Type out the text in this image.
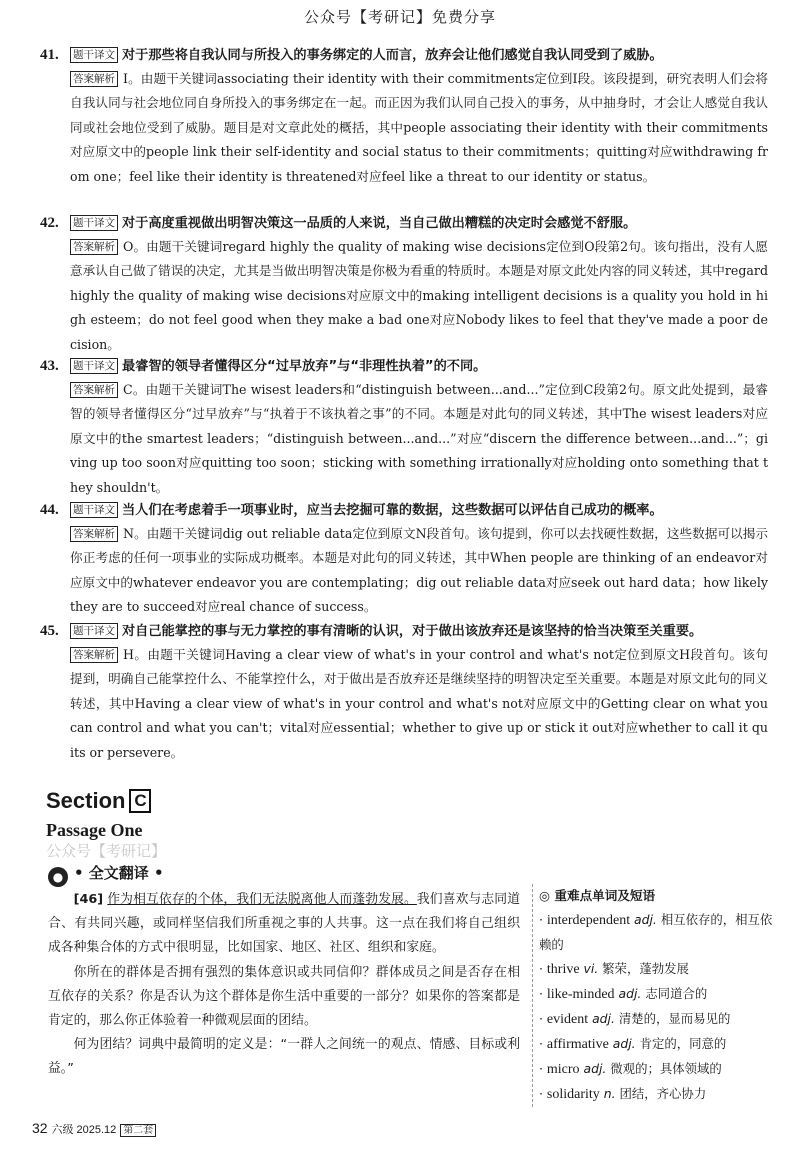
公众号【考研记】免费分享
41. 题干译文 对于那些将自我认同与所投入的事务绑定的人而言，放弃会让他们感觉自我认同受到了威胁。
答案解析 I。由题干关键词associating their identity with their commitments定位到I段。该段提到，研究表明人们会将自我认同与社会地位同自身所投入的事务绑定在一起。而正因为我们认同自己投入的事务，从中抽身时，才会让人感觉自我认同或社会地位受到了威胁。题目是对文章此处的概括，其中people associating their identity with their commitments对应原文中的people link their self-identity and social status to their commitments；quitting对应withdrawing from one；feel like their identity is threatened对应feel like a threat to our identity or status。
42. 题干译文 对于高度重视做出明智决策这一品质的人来说，当自己做出糟糕的决定时会感觉不舒服。
答案解析 O。由题干关键词regard highly the quality of making wise decisions定位到O段第2句。该句指出，没有人愿意承认自己做了错误的决定，尤其是当做出明智决策是你极为看重的特质时。本题是对原文此处内容的同义转述，其中regard highly the quality of making wise decisions对应原文中的making intelligent decisions is a quality you hold in high esteem；do not feel good when they make a bad one对应Nobody likes to feel that they've made a poor decision。
43. 题干译文 最睿智的领导者懂得区分“过早放弃”与“非理性执着”的不同。
答案解析 C。由题干关键词The wisest leaders和“distinguish between...and...”定位到C段第2句。原文此处提到，最睿智的领导者懂得区分“过早放弃”与“执着于不该执着之事”的不同。本题是对此句的同义转述，其中The wisest leaders对应原文中的the smartest leaders；“distinguish between...and...”对应“discern the difference between...and...”；giving up too soon对应quitting too soon；sticking with something irrationally对应holding onto something that they shouldn't。
44. 题干译文 当人们在考虑着手一项事业时，应当去挖掘可靠的数据，这些数据可以评估自己成功的概率。
答案解析 N。由题干关键词dig out reliable data定位到原文N段首句。该句提到，你可以去找硬性数据，这些数据可以揭示你正考虑的任何一项事业的实际成功概率。本题是对此句的同义转述，其中When people are thinking of an endeavor对应原文中的whatever endeavor you are contemplating；dig out reliable data对应seek out hard data；how likely they are to succeed对应real chance of success。
45. 题干译文 对自己能掌控的事与无力掌控的事有清晰的认识，对于做出该放弃还是该坚持的恰当决策至关重要。
答案解析 H。由题干关键词Having a clear view of what's in your control and what's not定位到原文H段首句。该句提到，明确自己能掌控什么、不能掌控什么，对于做出是否放弃还是继续坚持的明智决定至关重要。本题是对原文此句的同义转述，其中Having a clear view of what's in your control and what's not对应原文中的Getting clear on what you can control and what you can't；vital对应essential；whether to give up or stick it out对应whether to call it quits or persevere。
Section C
Passage One
公众号【考研记】
● • 全文翻译 •

[46] 作为相互依存的个体，我们无法脱离他人而蓬勃发展。我们喜欢与志同道合、有共同兴趣，或同样坚信我们所重视之事的人共事。这一点在我们将自己组织成各种集合体的方式中很明显，比如国家、地区、社区、组织和家庭。

你所在的群体是否拥有强烈的集体意识或共同信仰？群体成员之间是否存在相互依存的关系？你是否认为这个群体是你生活中重要的一部分？如果你的答案都是肯定的，那么你正体验着一种微观层面的团结。

何为团结？词典中最简明的定义是：“一群人之间统一的观点、情感、目标或利益。”

◎ 重难点单词及短语
· interdependent adj. 相互依存的，相互依赖的
· thrive vi. 繁荣，蓬勃发展
· like-minded adj. 志同道合的
· evident adj. 清楚的，显而易见的
· affirmative adj. 肯定的，同意的
· micro adj. 微观的；具体领域的
· solidarity n. 团结，齐心协力
32 六级 2025.12 第二套
